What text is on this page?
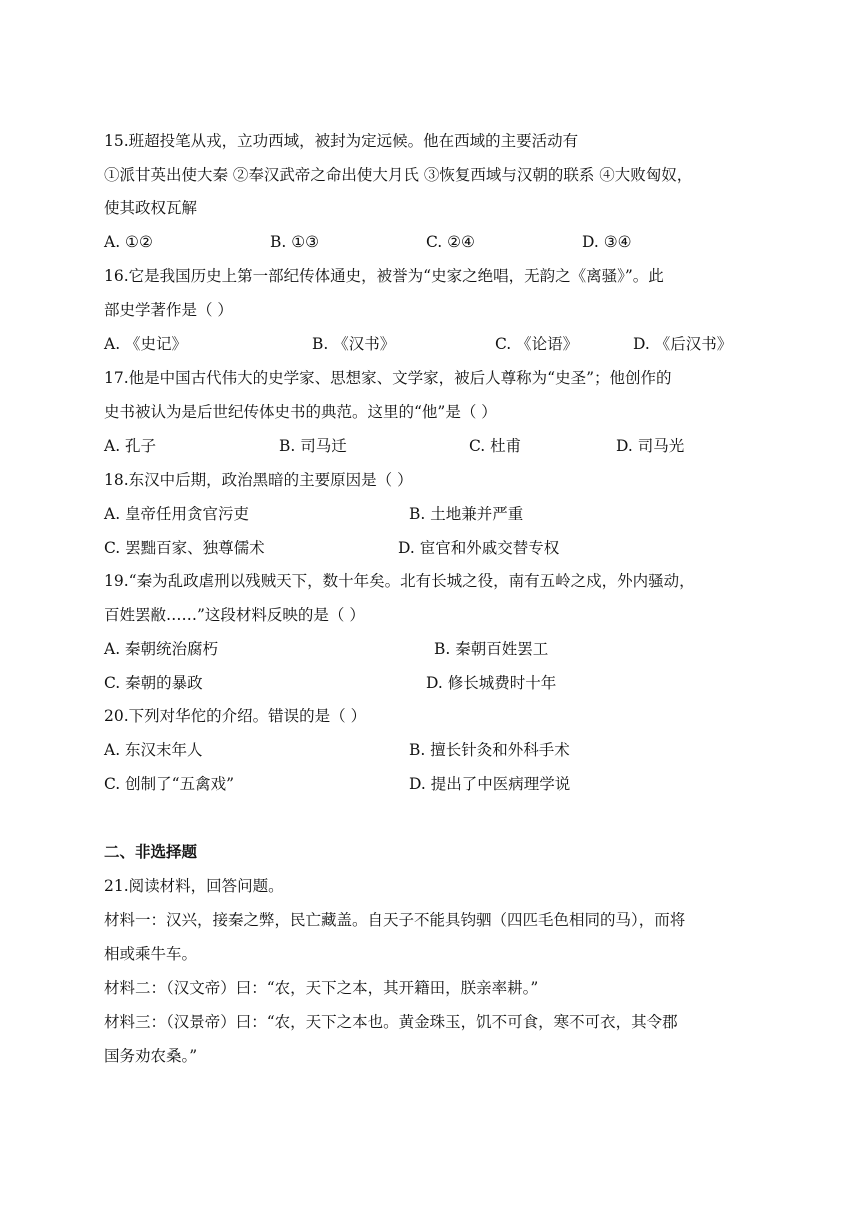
15.班超投笔从戎，立功西域，被封为定远候。他在西域的主要活动有
①派甘英出使大秦 ②奉汉武帝之命出使大月氏 ③恢复西域与汉朝的联系 ④大败匈奴，
使其政权瓦解
A. ①②	B. ①③	C. ②④	D. ③④
16.它是我国历史上第一部纪传体通史，被誉为“史家之绝唱，无韵之《离骚》”。此
部史学著作是（ ）
A. 《史记》	B. 《汉书》	C. 《论语》	D. 《后汉书》
17.他是中国古代伟大的史学家、思想家、文学家，被后人尊称为“史圣”；他创作的
史书被认为是后世纪传体史书的典范。这里的“他”是（ ）
A. 孔子	B. 司马迁	C. 杜甫	D. 司马光
18.东汉中后期，政治黑暗的主要原因是（ ）
A. 皇帝任用贪官污吏	B. 土地兼并严重
C. 罢黜百家、独尊儒术	D. 宦官和外戚交替专权
19.“秦为乱政虐刑以残贼天下，数十年矣。北有长城之役，南有五岭之戍，外内骚动，
百姓罢敝……”这段材料反映的是（ ）
A. 秦朝统治腐朽	B. 秦朝百姓罢工
C. 秦朝的暴政	D. 修长城费时十年
20.下列对华佗的介绍。错误的是（ ）
A. 东汉末年人	B. 擅长针灸和外科手术
C. 创制了“五禽戏”	D. 提出了中医病理学说
二、非选择题
21.阅读材料，回答问题。
材料一：汉兴，接秦之弊，民亡藏盖。自天子不能具钧驷（四匹毛色相同的马），而将
相或乘牛车。
材料二：（汉文帝）曰：“农，天下之本，其开籍田，朕亲率耕。”
材料三：（汉景帝）曰：“农，天下之本也。黄金珠玉，饥不可食，寒不可衣，其令郡
国务劝农桑。”
